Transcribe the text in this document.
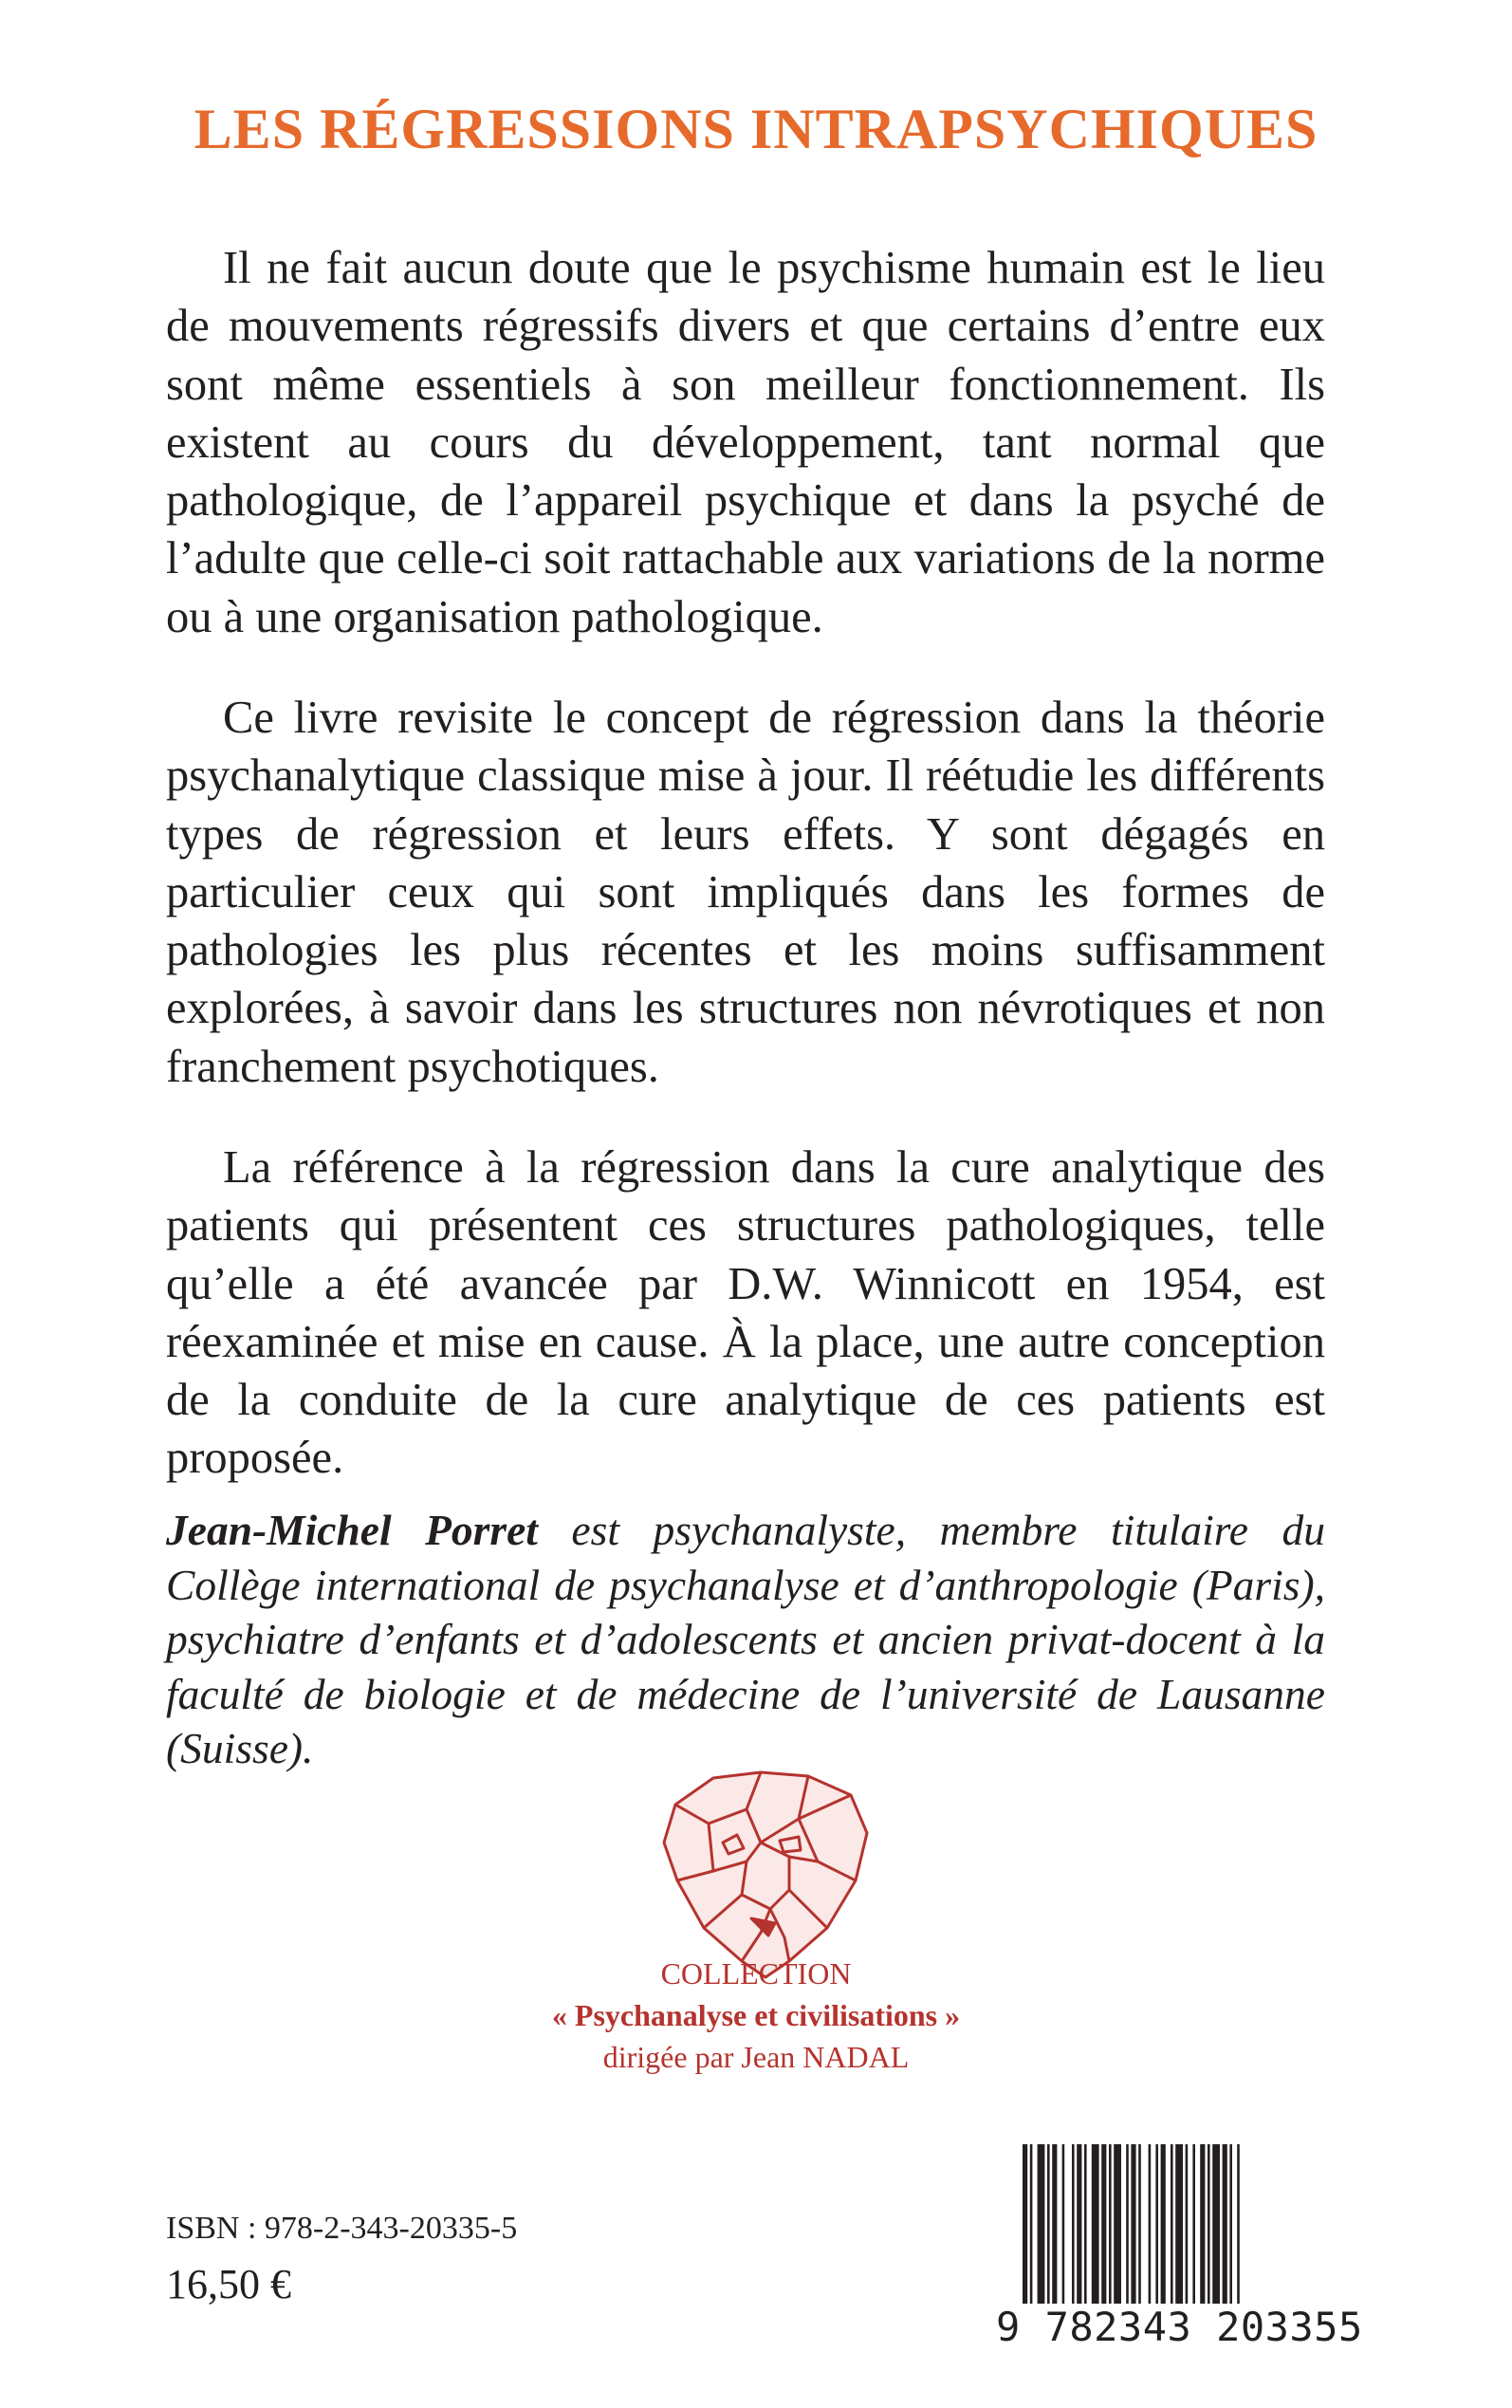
LES RÉGRESSIONS INTRAPSYCHIQUES

Il ne fait aucun doute que le psychisme humain est le lieu de mouvements régressifs divers et que certains d’entre eux sont même essentiels à son meilleur fonctionnement. Ils existent au cours du développement, tant normal que pathologique, de l’appareil psychique et dans la psyché de l’adulte que celle-ci soit rattachable aux variations de la norme ou à une organisation pathologique.

Ce livre revisite le concept de régression dans la théorie psychanalytique classique mise à jour. Il réétudie les différents types de régression et leurs effets. Y sont dégagés en particulier ceux qui sont impliqués dans les formes de pathologies les plus récentes et les moins suffisamment explorées, à savoir dans les structures non névrotiques et non franchement psychotiques.

La référence à la régression dans la cure analytique des patients qui présentent ces structures pathologiques, telle qu’elle a été avancée par D.W. Winnicott en 1954, est réexaminée et mise en cause. À la place, une autre conception de la conduite de la cure analytique de ces patients est proposée.

Jean-Michel Porret est psychanalyste, membre titulaire du Collège international de psychanalyse et d’anthropologie (Paris), psychiatre d’enfants et d’adolescents et ancien privat-docent à la faculté de biologie et de médecine de l’université de Lausanne (Suisse).

COLLECTION

« Psychanalyse et civilisations »

dirigée par Jean NADAL

ISBN : 978-2-343-20335-5

16,50 €

9 782343 203355
